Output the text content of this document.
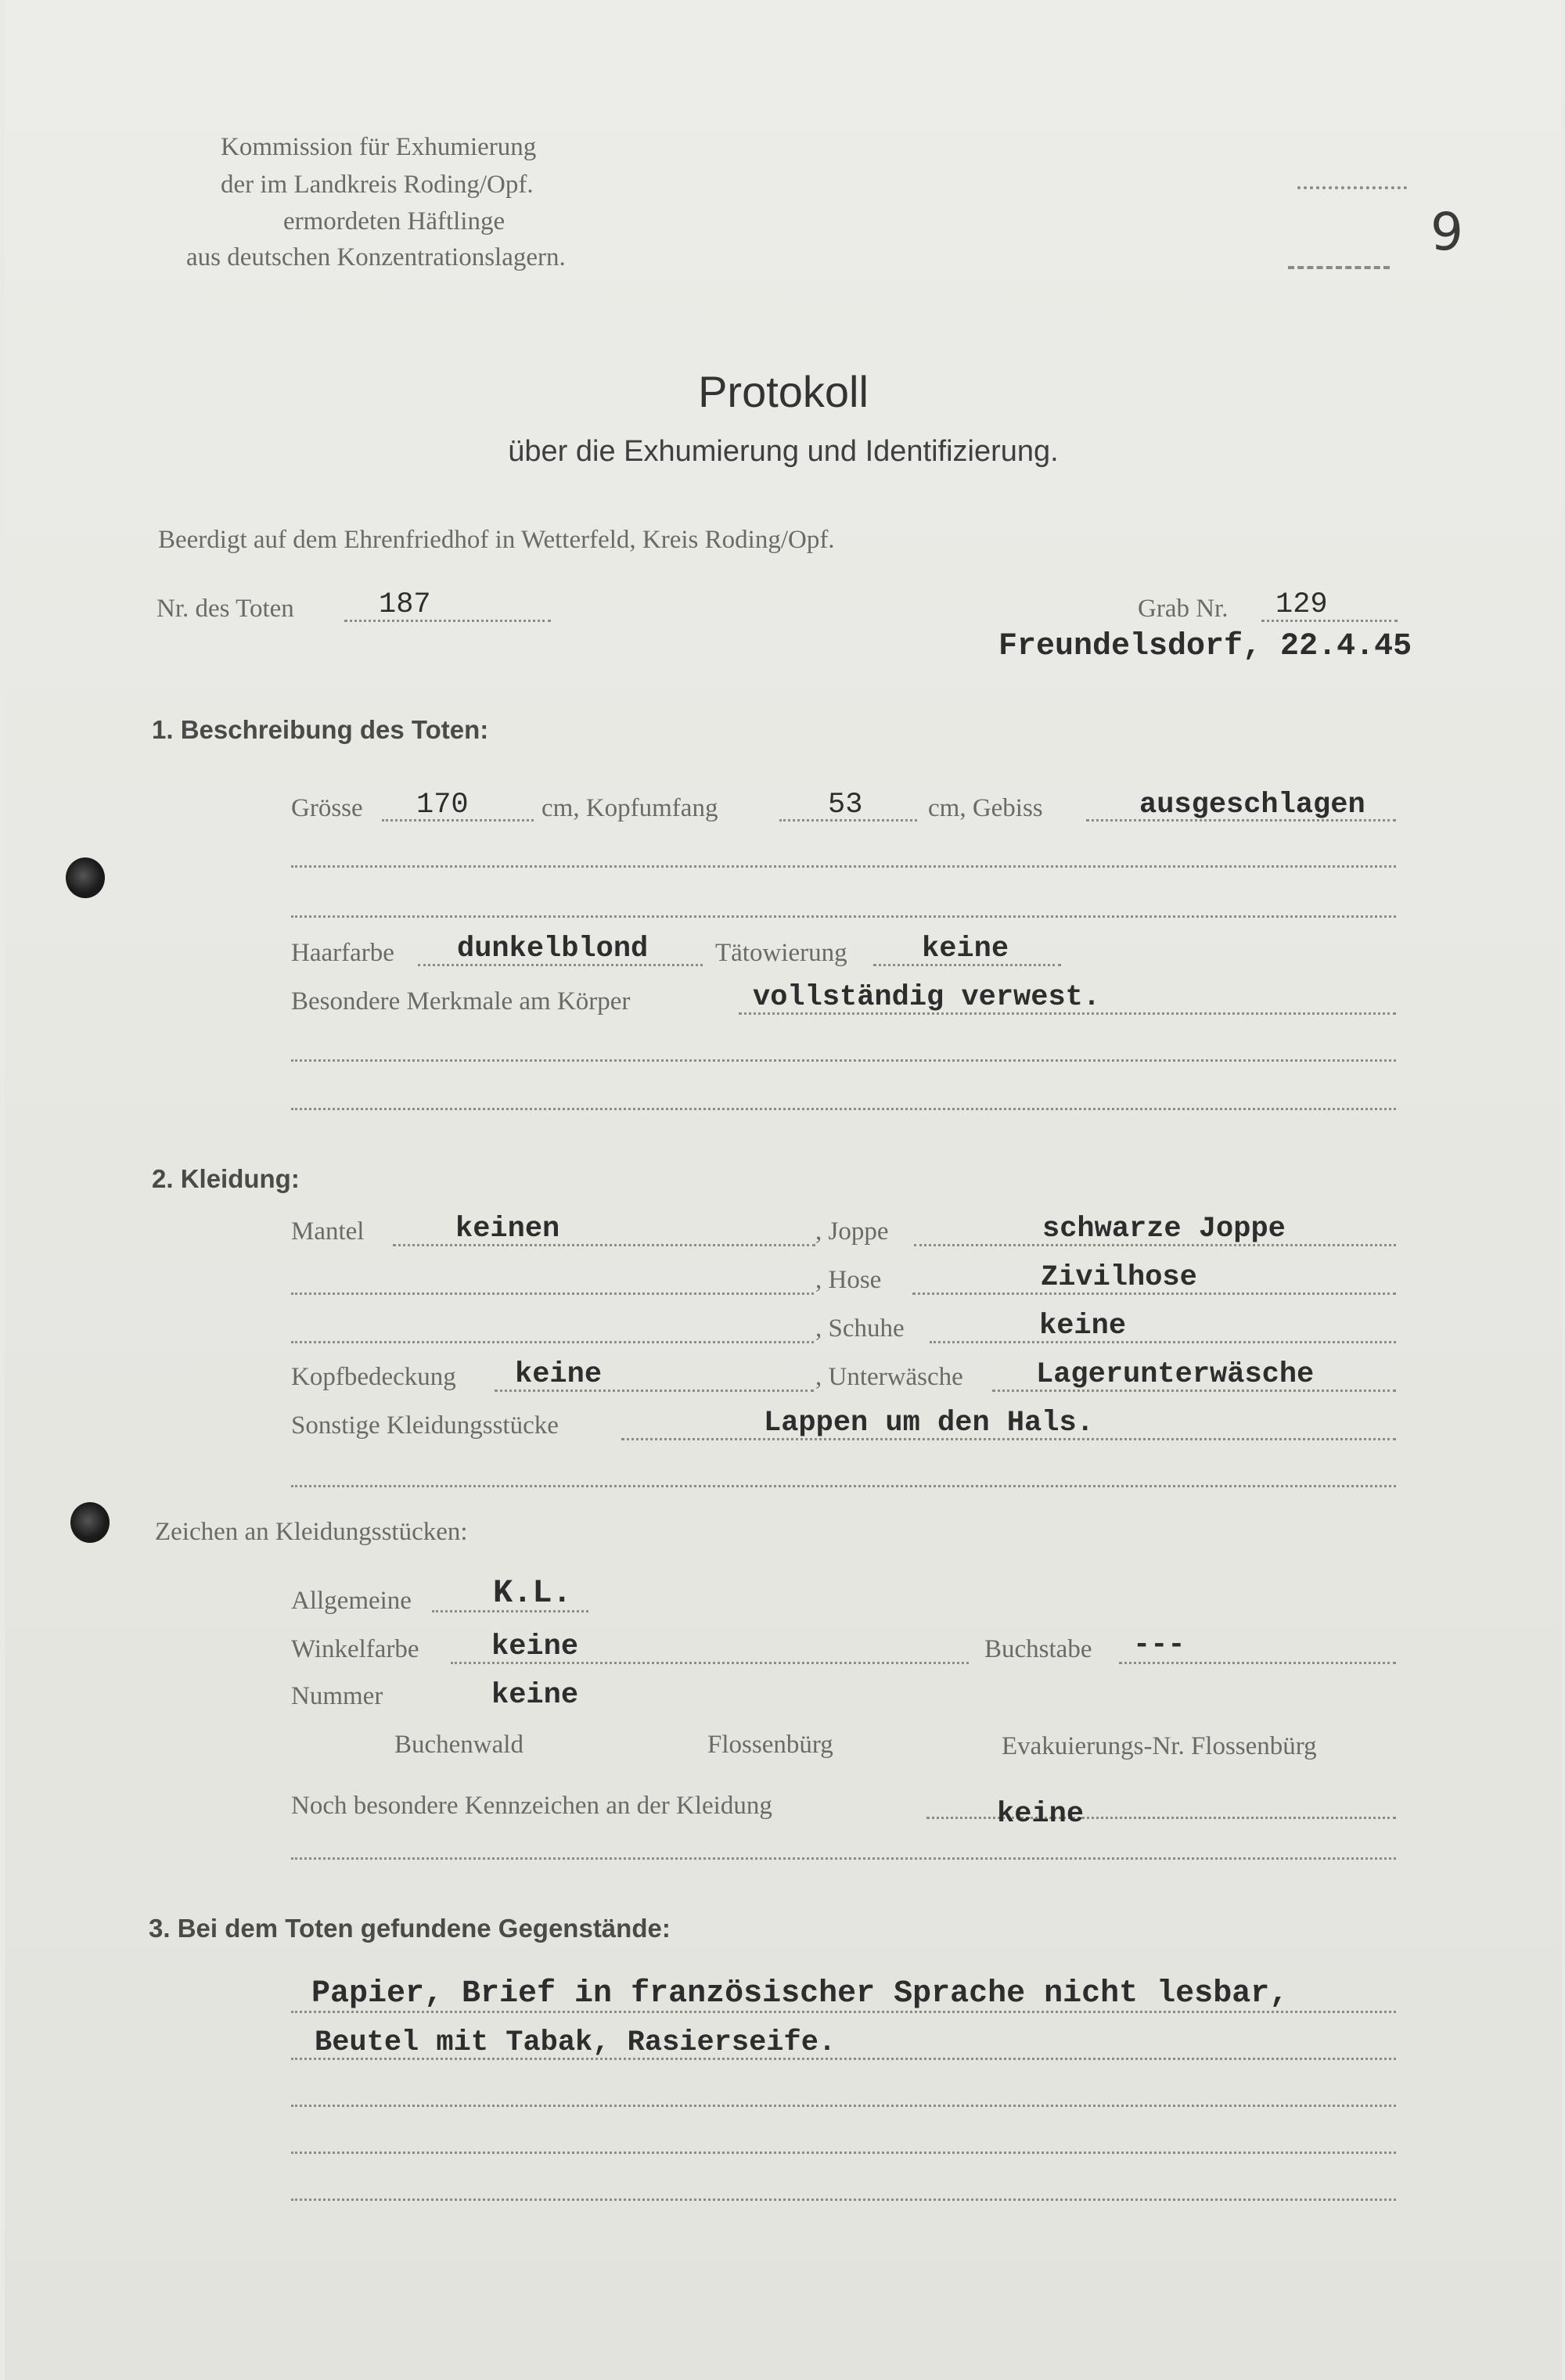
Kommission für Exhumierung
der im Landkreis Roding/Opf.
ermordeten Häftlinge
aus deutschen Konzentrationslagern.	9
Protokoll
über die Exhumierung und Identifizierung.
Beerdigt auf dem Ehrenfriedhof in Wetterfeld, Kreis Roding/Opf.
Nr. des Toten	187	Grab Nr. 129
Freundelsdorf, 22.4.45
1. Beschreibung des Toten:
Grösse 170	cm, Kopfumfang	53	cm, Gebiss	ausgeschlagen
Haarfarbe dunkelblond	Tätowierung	keine
Besondere Merkmale am Körper	vollständig verwest.
2. Kleidung:
Mantel	keinen	, Joppe	schwarze Joppe
, Hose	Zivilhose
, Schuhe	keine
Kopfbedeckung keine	, Unterwäsche	Lagerunterwäsche
Sonstige Kleidungsstücke	Lappen um den Hals.
Zeichen an Kleidungsstücken:
Allgemeine K.L.
Winkelfarbe keine	Buchstabe ---
Nummer	keine
Buchenwald	Flossenbürg	Evakuierungs-Nr. Flossenbürg
Noch besondere Kennzeichen an der Kleidung	keine
3. Bei dem Toten gefundene Gegenstände:
Papier, Brief in französischer Sprache nicht lesbar,
Beutel mit Tabak, Rasierseife.
